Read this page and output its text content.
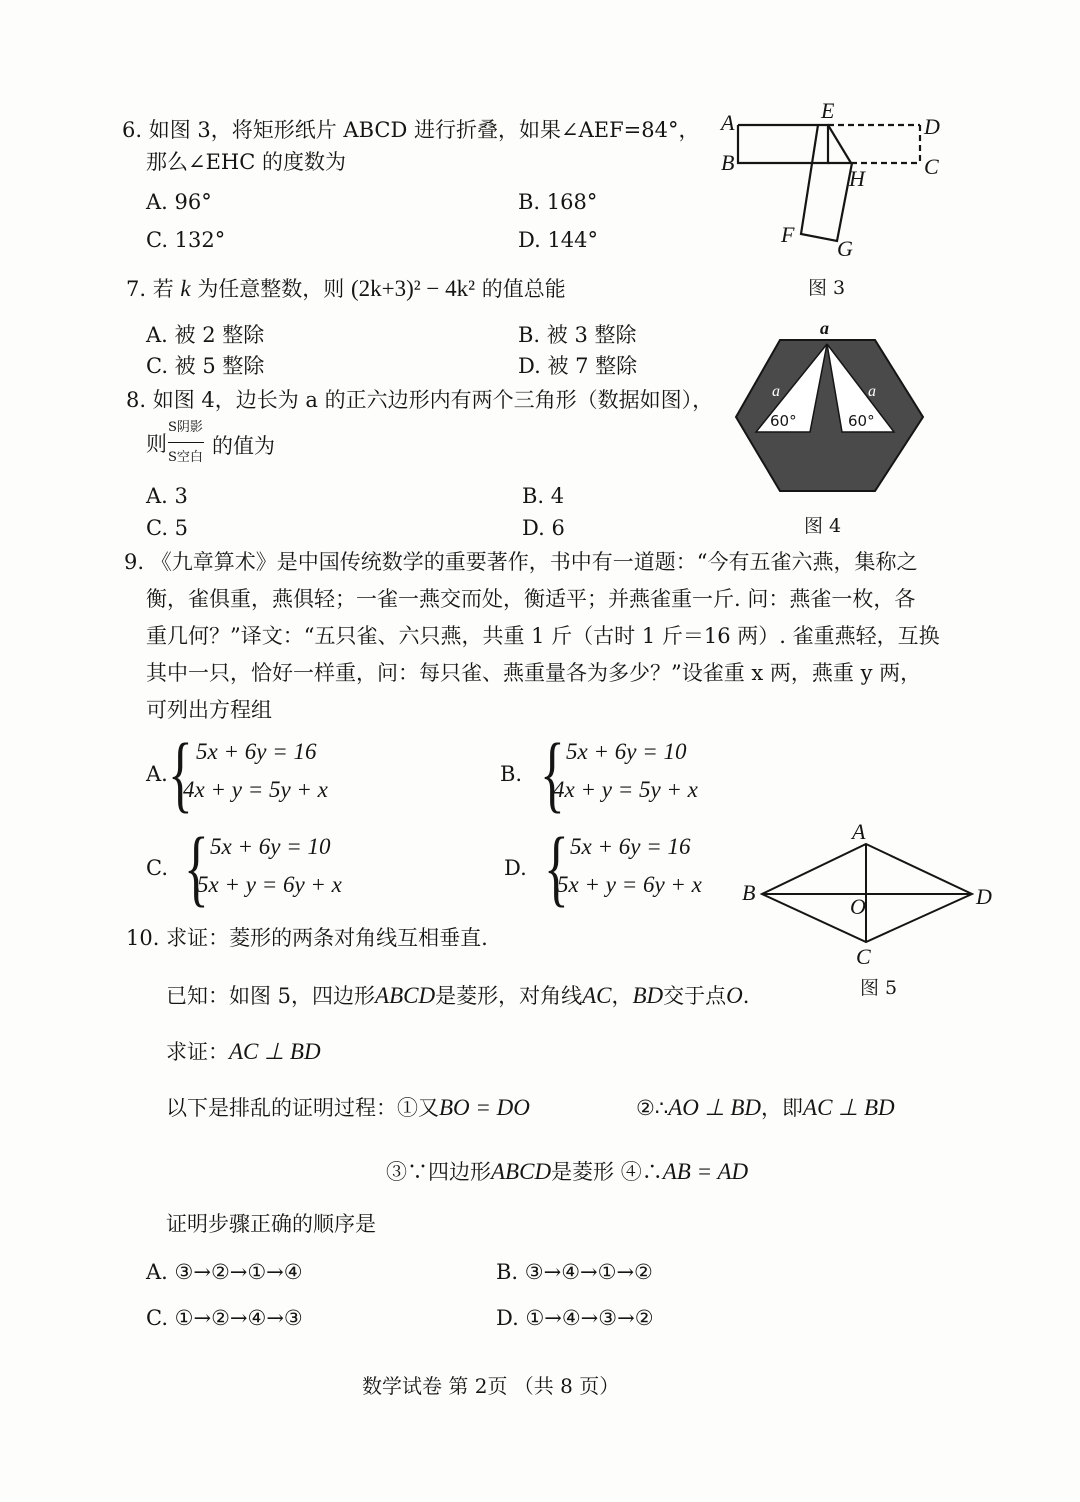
6. 如图 3，将矩形纸片 ABCD 进行折叠，如果∠AEF=84°，
那么∠EHC 的度数为
A. 96°	B. 168°
C. 132°	D. 144°
A
B
E
D
C
H
F
G
图 3
7. 若 k 为任意整数，则 (2k+3)² − 4k² 的值总能
A. 被 2 整除	B. 被 3 整除
C. 被 5 整除	D. 被 7 整除
8. 如图 4，边长为 a 的正六边形内有两个三角形（数据如图），
则
S阴影
S空白 的值为
A. 3	B. 4
C. 5	D. 6
a
a	a
60°	60°
图 4
9. 《九章算术》是中国传统数学的重要著作，书中有一道题：“今有五雀六燕，集称之
衡，雀俱重，燕俱轻；一雀一燕交而处，衡适平；并燕雀重一斤. 问：燕雀一枚，各
重几何？”译文：“五只雀、六只燕，共重 1 斤（古时 1 斤＝16 两）. 雀重燕轻，互换
其中一只，恰好一样重，问：每只雀、燕重量各为多少？”设雀重 x 两，燕重 y 两，
可列出方程组
A. { 5x + 6y = 16
4x + y = 5y + x
B. { 5x + 6y = 10
4x + y = 5y + x
C. { 5x + 6y = 10
5x + y = 6y + x
D. { 5x + 6y = 16
5x + y = 6y + x
A
B	D
O
C
图 5
10. 求证：菱形的两条对角线互相垂直.
已知：如图 5，四边形ABCD是菱形，对角线AC，BD交于点O.
求证：AC ⊥ BD
以下是排乱的证明过程：①又BO = DO	②∴AO ⊥ BD，即AC ⊥ BD
③∵四边形ABCD是菱形 ④∴AB = AD
证明步骤正确的顺序是
A. ③→②→①→④	B. ③→④→①→②
C. ①→②→④→③	D. ①→④→③→②
数学试卷 第 2页 （共 8 页）
